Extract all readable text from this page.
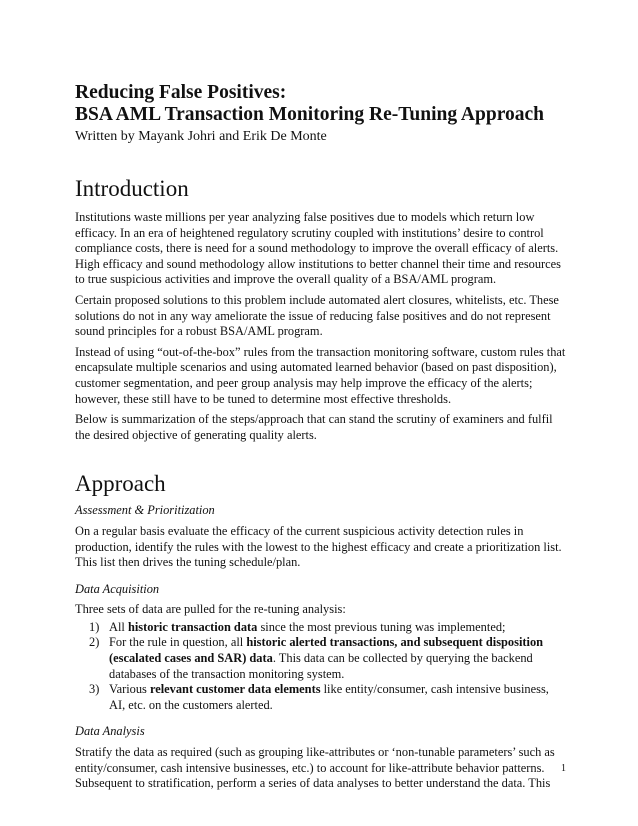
Reducing False Positives:
BSA AML Transaction Monitoring Re-Tuning Approach
Written by Mayank Johri and Erik De Monte
Introduction

Institutions waste millions per year analyzing false positives due to models which return low efficacy. In an era of heightened regulatory scrutiny coupled with institutions’ desire to control compliance costs, there is need for a sound methodology to improve the overall efficacy of alerts. High efficacy and sound methodology allow institutions to better channel their time and resources to true suspicious activities and improve the overall quality of a BSA/AML program.

Certain proposed solutions to this problem include automated alert closures, whitelists, etc. These solutions do not in any way ameliorate the issue of reducing false positives and do not represent sound principles for a robust BSA/AML program.

Instead of using “out-of-the-box” rules from the transaction monitoring software, custom rules that encapsulate multiple scenarios and using automated learned behavior (based on past disposition), customer segmentation, and peer group analysis may help improve the efficacy of the alerts; however, these still have to be tuned to determine most effective thresholds.

Below is summarization of the steps/approach that can stand the scrutiny of examiners and fulfil the desired objective of generating quality alerts.

Approach
Assessment & Prioritization

On a regular basis evaluate the efficacy of the current suspicious activity detection rules in production, identify the rules with the lowest to the highest efficacy and create a prioritization list. This list then drives the tuning schedule/plan.

Data Acquisition

Three sets of data are pulled for the re-tuning analysis:

1) All historic transaction data since the most previous tuning was implemented;
2) For the rule in question, all historic alerted transactions, and subsequent disposition (escalated cases and SAR) data. This data can be collected by querying the backend databases of the transaction monitoring system.
3) Various relevant customer data elements like entity/consumer, cash intensive business, AI, etc. on the customers alerted.
Data Analysis

Stratify the data as required (such as grouping like-attributes or ‘non-tunable parameters’ such as entity/consumer, cash intensive businesses, etc.) to account for like-attribute behavior patterns. Subsequent to stratification, perform a series of data analyses to better understand the data. This

1
